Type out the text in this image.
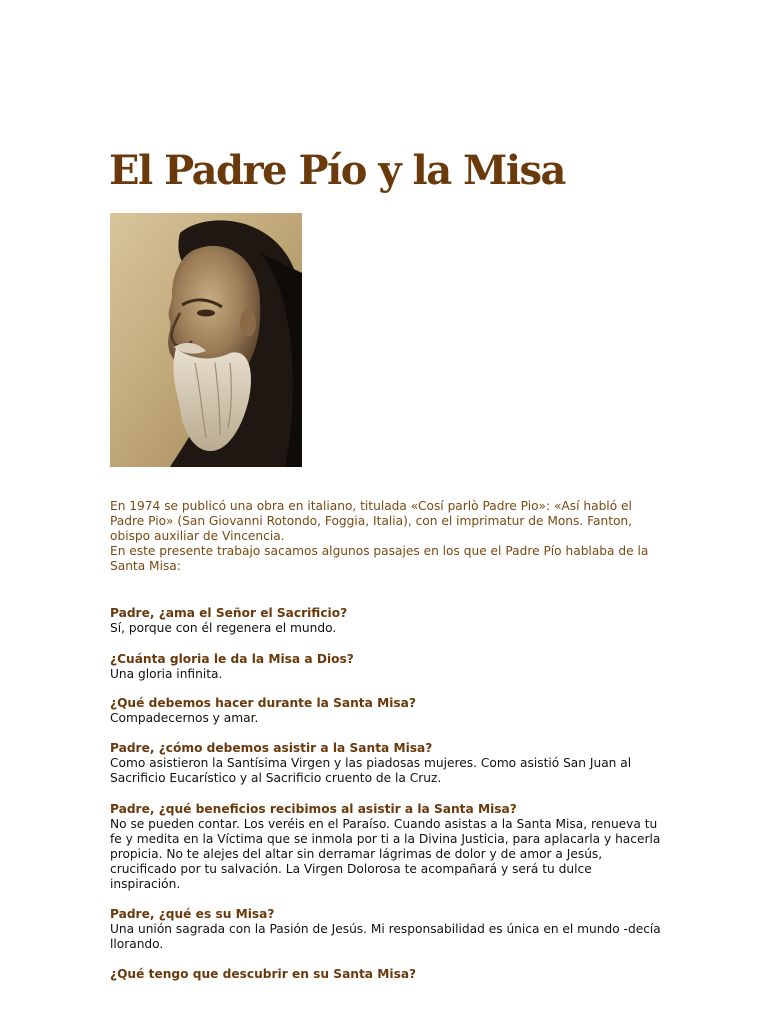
El Padre Pío y la Misa

En 1974 se publicó una obra en italiano, titulada «Cosí parlò Padre Pio»: «Así habló el Padre Pio» (San Giovanni Rotondo, Foggia, Italia), con el imprimatur de Mons. Fanton, obispo auxiliar de Vincencia.

En este presente trabajo sacamos algunos pasajes en los que el Padre Pío hablaba de la Santa Misa:

Padre, ¿ama el Señor el Sacrificio?

Sí, porque con él regenera el mundo.

¿Cuánta gloria le da la Misa a Dios?

Una gloria infinita.

¿Qué debemos hacer durante la Santa Misa?

Compadecernos y amar.

Padre, ¿cómo debemos asistir a la Santa Misa?

Como asistieron la Santísima Virgen y las piadosas mujeres. Como asistió San Juan al Sacrificio Eucarístico y al Sacrificio cruento de la Cruz.

Padre, ¿qué beneficios recibimos al asistir a la Santa Misa?

No se pueden contar. Los veréis en el Paraíso. Cuando asistas a la Santa Misa, renueva tu fe y medita en la Víctima que se inmola por ti a la Divina Justicia, para aplacarla y hacerla propicia. No te alejes del altar sin derramar lágrimas de dolor y de amor a Jesús, crucificado por tu salvación. La Virgen Dolorosa te acompañará y será tu dulce inspiración.

Padre, ¿qué es su Misa?

Una unión sagrada con la Pasión de Jesús. Mi responsabilidad es única en el mundo -decía llorando.

¿Qué tengo que descubrir en su Santa Misa?
